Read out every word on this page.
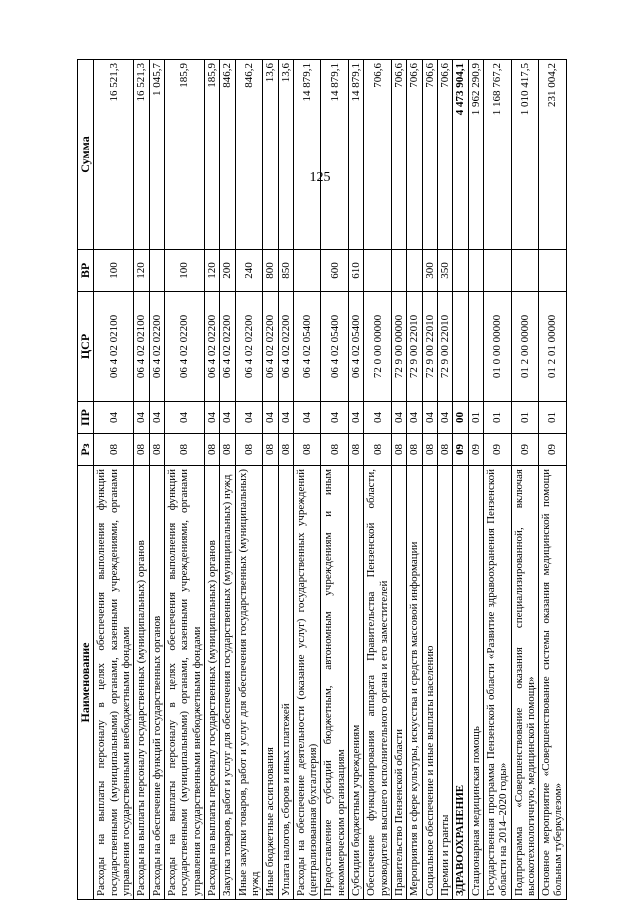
125
Наименование	Рз	ПР	ЦСР	ВР	Сумма
Расходы на выплаты персоналу в целях обеспечения выполнения функций государственными (муниципальными) органами, казенными учреждениями, органами управления государственными внебюджетными фондами	08	04	06 4 02 02100	100	16 521,3
Расходы на выплаты персоналу государственных (муниципальных) органов	08	04	06 4 02 02100	120	16 521,3
Расходы на обеспечение функций государственных органов	08	04	06 4 02 02200		1 045,7
Расходы на выплаты персоналу в целях обеспечения выполнения функций государственными (муниципальными) органами, казенными учреждениями, органами управления государственными внебюджетными фондами	08	04	06 4 02 02200	100	185,9
Расходы на выплаты персоналу государственных (муниципальных) органов	08	04	06 4 02 02200	120	185,9
Закупка товаров, работ и услуг для обеспечения государственных (муниципальных) нужд	08	04	06 4 02 02200	200	846,2
Иные закупки товаров, работ и услуг для обеспечения государственных (муниципальных) нужд	08	04	06 4 02 02200	240	846,2
Иные бюджетные ассигнования	08	04	06 4 02 02200	800	13,6
Уплата налогов, сборов и иных платежей	08	04	06 4 02 02200	850	13,6
Расходы на обеспечение деятельности (оказание услуг) государственных учреждений (централизованная бухгалтерия)	08	04	06 4 02 05400		14 879,1
Предоставление субсидий бюджетным, автономным учреждениям и иным некоммерческим организациям	08	04	06 4 02 05400	600	14 879,1
Субсидии бюджетным учреждениям	08	04	06 4 02 05400	610	14 879,1
Обеспечение функционирования аппарата Правительства Пензенской области, руководителя высшего исполнительного органа и его заместителей	08	04	72 0 00 00000		706,6
Правительство Пензенской области	08	04	72 9 00 00000		706,6
Мероприятия в сфере культуры, искусства и средств массовой информации	08	04	72 9 00 22010		706,6
Социальное обеспечение и иные выплаты населению	08	04	72 9 00 22010	300	706,6
Премии и гранты	08	04	72 9 00 22010	350	706,6
ЗДРАВООХРАНЕНИЕ	09	00			4 473 904,1
Стационарная медицинская помощь	09	01			1 962 290,9
Государственная программа Пензенской области «Развитие здравоохранения Пензенской области на 2014–2020 годы»	09	01	01 0 00 00000		1 168 767,2
Подпрограмма «Совершенствование оказания специализированной, включая высокотехнологичную, медицинской помощи»	09	01	01 2 00 00000		1 010 417,5
Основное мероприятие «Совершенствование системы оказания медицинской помощи больным туберкулезом»	09	01	01 2 01 00000		231 004,2
